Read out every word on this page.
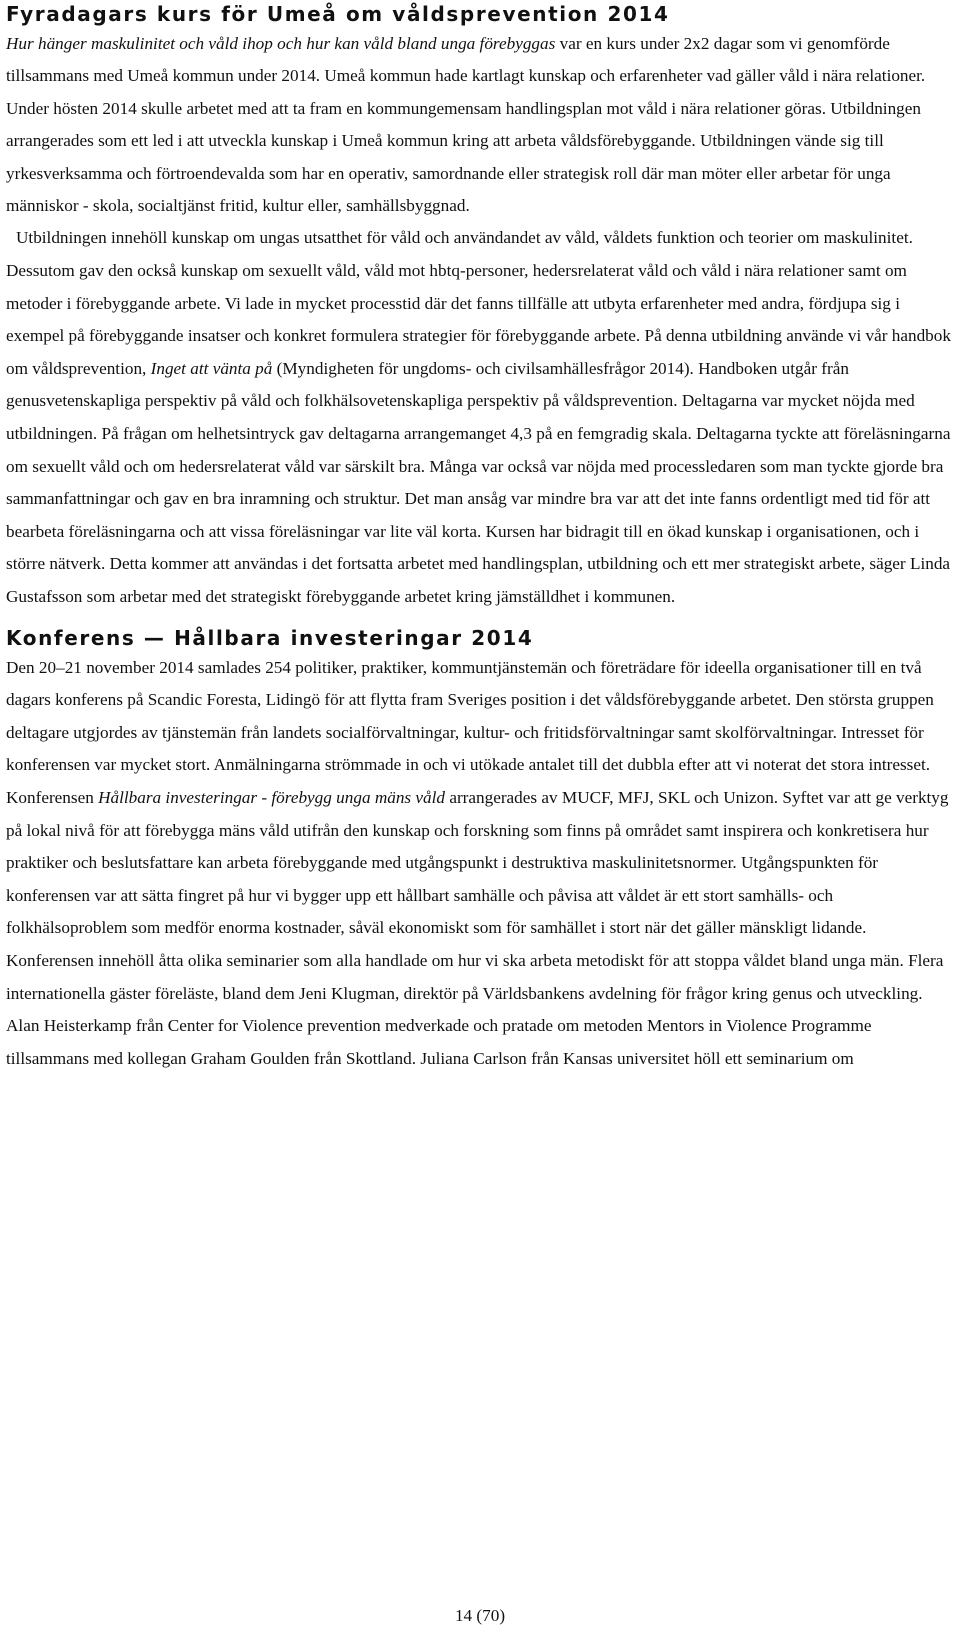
Fyradagars kurs för Umeå om våldsprevention 2014

Hur hänger maskulinitet och våld ihop och hur kan våld bland unga förebyggas var en kurs under 2x2 dagar som vi genomförde tillsammans med Umeå kommun under 2014. Umeå kommun hade kartlagt kunskap och erfarenheter vad gäller våld i nära relationer. Under hösten 2014 skulle arbetet med att ta fram en kommungemensam handlingsplan mot våld i nära relationer göras. Utbildningen arrangerades som ett led i att utveckla kunskap i Umeå kommun kring att arbeta våldsförebyggande. Utbildningen vände sig till yrkesverksamma och förtroendevalda som har en operativ, samordnande eller strategisk roll där man möter eller arbetar för unga människor - skola, socialtjänst fritid, kultur eller, samhällsbyggnad.

Utbildningen innehöll kunskap om ungas utsatthet för våld och användandet av våld, våldets funktion och teorier om maskulinitet. Dessutom gav den också kunskap om sexuellt våld, våld mot hbtq-personer, hedersrelaterat våld och våld i nära relationer samt om metoder i förebyggande arbete. Vi lade in mycket processtid där det fanns tillfälle att utbyta erfarenheter med andra, fördjupa sig i exempel på förebyggande insatser och konkret formulera strategier för förebyggande arbete. På denna utbildning använde vi vår handbok om våldsprevention, Inget att vänta på (Myndigheten för ungdoms- och civilsamhällesfrågor 2014). Handboken utgår från genusvetenskapliga perspektiv på våld och folkhälsovetenskapliga perspektiv på våldsprevention. Deltagarna var mycket nöjda med utbildningen. På frågan om helhetsintryck gav deltagarna arrangemanget 4,3 på en femgradig skala. Deltagarna tyckte att föreläsningarna om sexuellt våld och om hedersrelaterat våld var särskilt bra. Många var också var nöjda med processledaren som man tyckte gjorde bra sammanfattningar och gav en bra inramning och struktur. Det man ansåg var mindre bra var att det inte fanns ordentligt med tid för att bearbeta föreläsningarna och att vissa föreläsningar var lite väl korta. Kursen har bidragit till en ökad kunskap i organisationen, och i större nätverk. Detta kommer att användas i det fortsatta arbetet med handlingsplan, utbildning och ett mer strategiskt arbete, säger Linda Gustafsson som arbetar med det strategiskt förebyggande arbetet kring jämställdhet i kommunen.

Konferens — Hållbara investeringar 2014

Den 20–21 november 2014 samlades 254 politiker, praktiker, kommuntjänstemän och företrädare för ideella organisationer till en två dagars konferens på Scandic Foresta, Lidingö för att flytta fram Sveriges position i det våldsförebyggande arbetet. Den största gruppen deltagare utgjordes av tjänstemän från landets socialförvaltningar, kultur- och fritidsförvaltningar samt skolförvaltningar. Intresset för konferensen var mycket stort. Anmälningarna strömmade in och vi utökade antalet till det dubbla efter att vi noterat det stora intresset. Konferensen Hållbara investeringar - förebygg unga mäns våld arrangerades av MUCF, MFJ, SKL och Unizon. Syftet var att ge verktyg på lokal nivå för att förebygga mäns våld utifrån den kunskap och forskning som finns på området samt inspirera och konkretisera hur praktiker och beslutsfattare kan arbeta förebyggande med utgångspunkt i destruktiva maskulinitetsnormer. Utgångspunkten för konferensen var att sätta fingret på hur vi bygger upp ett hållbart samhälle och påvisa att våldet är ett stort samhälls- och folkhälsoproblem som medför enorma kostnader, såväl ekonomiskt som för samhället i stort när det gäller mänskligt lidande. Konferensen innehöll åtta olika seminarier som alla handlade om hur vi ska arbeta metodiskt för att stoppa våldet bland unga män. Flera internationella gäster föreläste, bland dem Jeni Klugman, direktör på Världsbankens avdelning för frågor kring genus och utveckling. Alan Heisterkamp från Center for Violence prevention medverkade och pratade om metoden Mentors in Violence Programme tillsammans med kollegan Graham Goulden från Skottland. Juliana Carlson från Kansas universitet höll ett seminarium om

14 (70)
